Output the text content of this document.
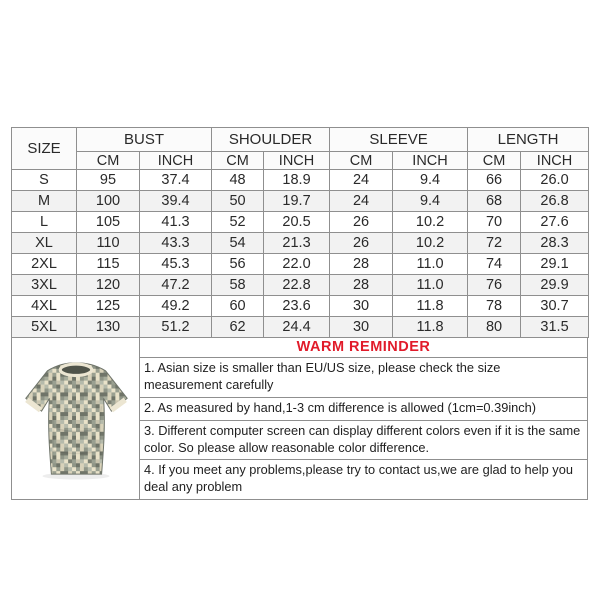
SIZE	BUST		SHOULDER		SLEEVE		LENGTH	
	CM	INCH	CM	INCH	CM	INCH	CM	INCH
S	95	37.4	48	18.9	24	9.4	66	26.0
M	100	39.4	50	19.7	24	9.4	68	26.8
L	105	41.3	52	20.5	26	10.2	70	27.6
XL	110	43.3	54	21.3	26	10.2	72	28.3
2XL	115	45.3	56	22.0	28	11.0	74	29.1
3XL	120	47.2	58	22.8	28	11.0	76	29.9
4XL	125	49.2	60	23.6	30	11.8	78	30.7
5XL	130	51.2	62	24.4	30	11.8	80	31.5
WARM REMINDER
1. Asian size is smaller than EU/US size, please check the size measurement carefully
2. As measured by hand,1-3 cm difference is allowed (1cm=0.39inch)
3. Different computer screen can display different colors even if it is the same color. So please allow reasonable color difference.
4. If you meet any problems,please try to contact us,we are glad to help you deal any problem
